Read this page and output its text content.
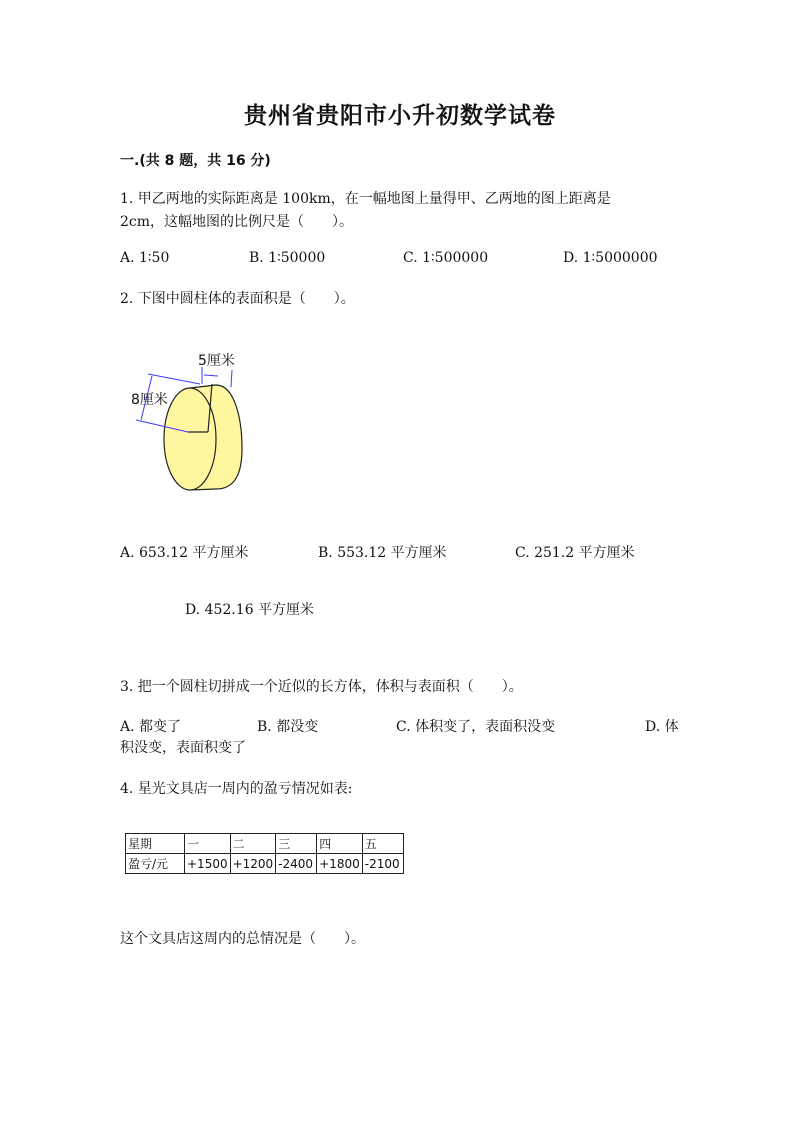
贵州省贵阳市小升初数学试卷
一.(共 8 题，共 16 分)
1. 甲乙两地的实际距离是 100km，在一幅地图上量得甲、乙两地的图上距离是
2cm，这幅地图的比例尺是（　　）。
A. 1∶50	B. 1∶50000	C. 1∶500000	D. 1∶5000000
2. 下图中圆柱体的表面积是（　　）。
5厘米
8厘米
A. 653.12 平方厘米	B. 553.12 平方厘米	C. 251.2 平方厘米
D. 452.16 平方厘米
3. 把一个圆柱切拼成一个近似的长方体，体积与表面积（　　）。
A. 都变了	B. 都没变	C. 体积变了，表面积没变	D. 体
积没变，表面积变了
4. 星光文具店一周内的盈亏情况如表:
星期	一	二	三	四	五
盈亏/元	+1500	+1200	-2400	+1800	-2100
这个文具店这周内的总情况是（　　）。
